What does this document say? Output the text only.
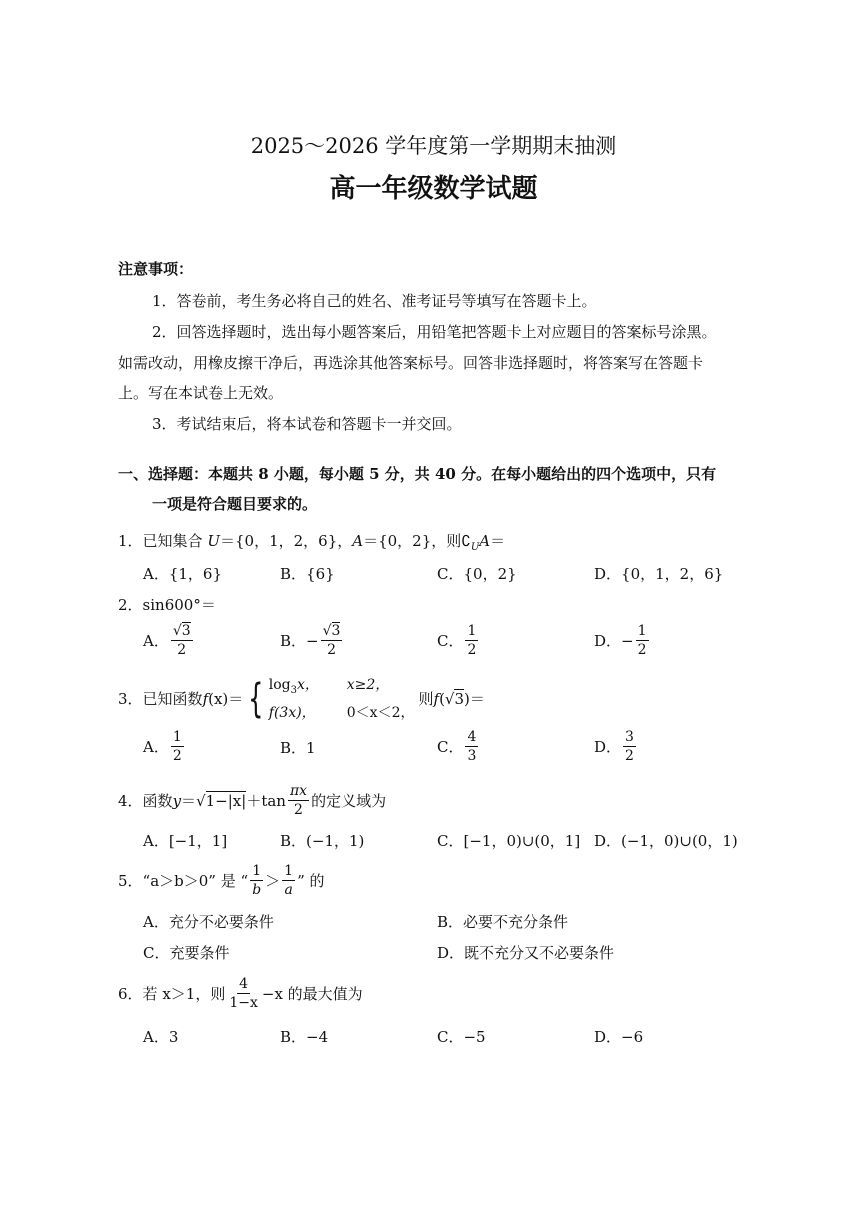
2025～2026 学年度第一学期期末抽测
高一年级数学试题
注意事项：
1．答卷前，考生务必将自己的姓名、准考证号等填写在答题卡上。
2．回答选择题时，选出每小题答案后，用铅笔把答题卡上对应题目的答案标号涂黑。
如需改动，用橡皮擦干净后，再选涂其他答案标号。回答非选择题时，将答案写在答题卡
上。写在本试卷上无效。
3．考试结束后，将本试卷和答题卡一并交回。
一、选择题：本题共 8 小题，每小题 5 分，共 40 分。在每小题给出的四个选项中，只有
一项是符合题目要求的。
1．已知集合 U＝{0，1，2，6}，A＝{0，2}，则$∁_UA=$
A．{1，6}	B．{6}	C．{0，2}	D．{0，1，2，6}
2．sin600°＝
A． $\frac{√3}{2}$	B． − $\frac{√3}{2}$	C． $\frac{1}{2}$	D． − $\frac{1}{2}$
3． 已知函数 f (x) ＝ { $\log_3x$，	x≥2，
f(3x)，	0＜x＜2，
则 f ( √ 3 )＝
A． $\frac{1}{2}$	B．1	C． $\frac{4}{3}$	D． $\frac{3}{2}$
4． 函数 y ＝ √ $1-|x| +\tan \frac{\pi x}{2}$ 的定义域为
A．[−1，1]	B．(−1，1)	C．[−1，0)∪(0，1] D．(−1，0)∪(0，1)
5． “a＞b＞0” 是 “ $\frac{1}{b} > \frac{1}{a}$ ” 的
A．充分不必要条件	B．必要不充分条件
C．充要条件	D．既不充分又不必要条件
6． 若 x＞1，则 $\frac{4}{1-x} -x$ 的最大值为
A．3	B．−4	C．−5	D．−6
